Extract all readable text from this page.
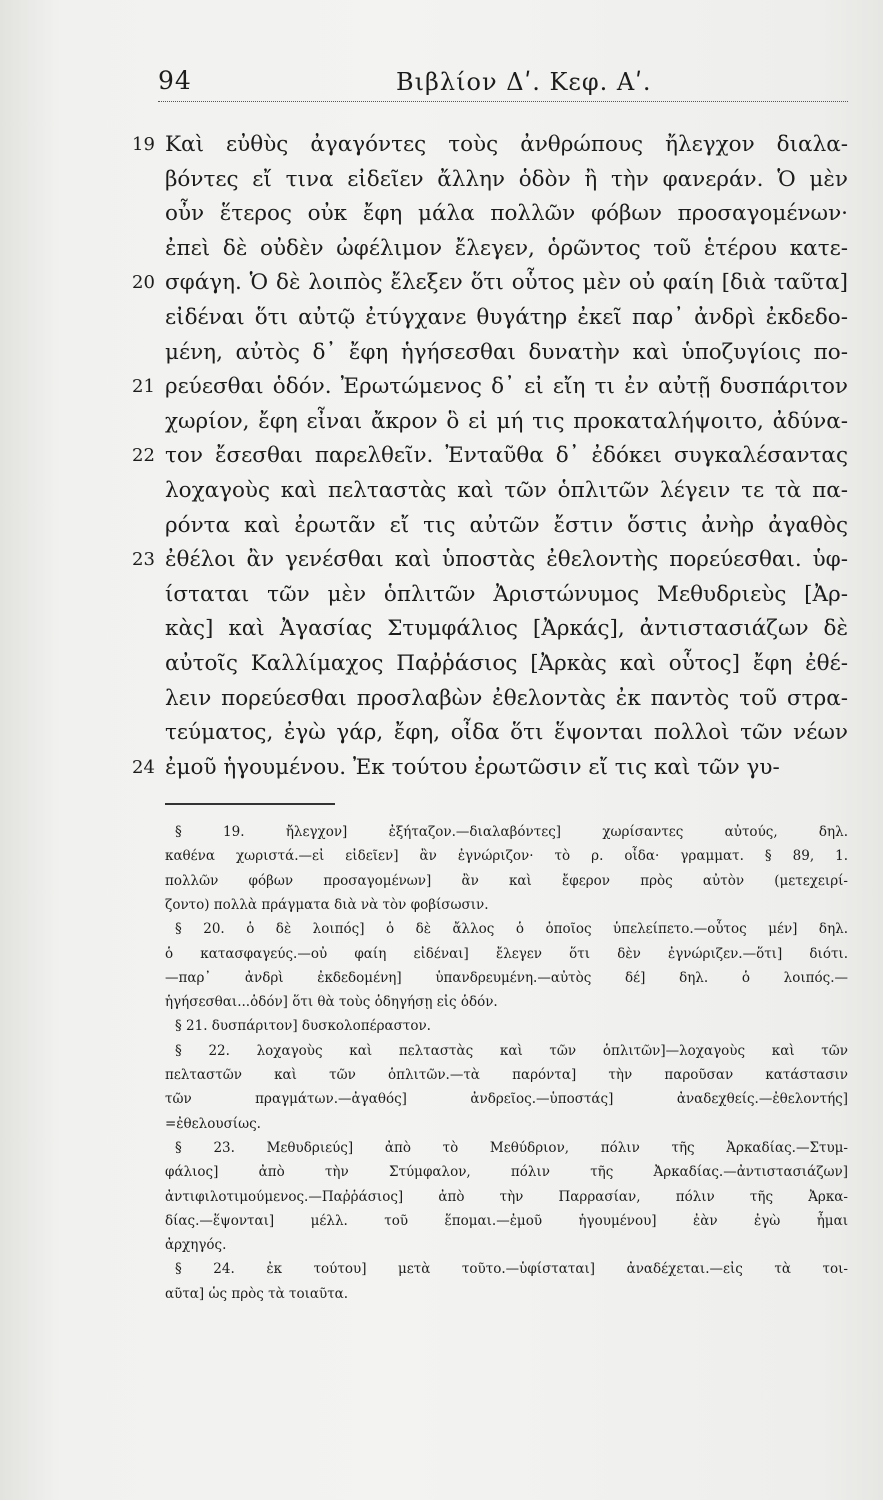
94	Βιβλίον Δʹ. Κεφ. Αʹ.
19 Καὶ εὐθὺς ἀγαγόντες τοὺς ἀνθρώπους ἤλεγχον διαλα-
βόντες εἴ τινα εἰδεῖεν ἄλλην ὁδὸν ἢ τὴν φανεράν. Ὁ μὲν
οὖν ἕτερος οὐκ ἔφη μάλα πολλῶν φόβων προσαγομένων·
ἐπεὶ δὲ οὐδὲν ὠφέλιμον ἔλεγεν, ὁρῶντος τοῦ ἑτέρου κατε-
20 σφάγη. Ὁ δὲ λοιπὸς ἔλεξεν ὅτι οὗτος μὲν οὐ φαίη [διὰ ταῦτα]
εἰδέναι ὅτι αὐτῷ ἐτύγχανε θυγάτηρ ἐκεῖ παρ᾽ ἀνδρὶ ἐκδεδο-
μένη, αὐτὸς δ᾽ ἔφη ἡγήσεσθαι δυνατὴν καὶ ὑποζυγίοις πο-
21 ρεύεσθαι ὁδόν. Ἐρωτώμενος δ᾽ εἰ εἴη τι ἐν αὐτῇ δυσπάριτον
χωρίον, ἔφη εἶναι ἄκρον ὃ εἰ μή τις προκαταλήψοιτο, ἀδύνα-
22 τον ἔσεσθαι παρελθεῖν. Ἐνταῦθα δ᾽ ἐδόκει συγκαλέσαντας
λοχαγοὺς καὶ πελταστὰς καὶ τῶν ὁπλιτῶν λέγειν τε τὰ πα-
ρόντα καὶ ἐρωτᾶν εἴ τις αὐτῶν ἔστιν ὅστις ἀνὴρ ἀγαθὸς
23 ἐθέλοι ἂν γενέσθαι καὶ ὑποστὰς ἐθελοντὴς πορεύεσθαι. ὑφ-
ίσταται τῶν μὲν ὁπλιτῶν Ἀριστώνυμος Μεθυδριεὺς [Ἀρ-
κὰς] καὶ Ἀγασίας Στυμφάλιος [Ἀρκάς], ἀντιστασιάζων δὲ
αὐτοῖς Καλλίμαχος Παῤῥάσιος [Ἀρκὰς καὶ οὗτος] ἔφη ἐθέ-
λειν πορεύεσθαι προσλαβὼν ἐθελοντὰς ἐκ παντὸς τοῦ στρα-
τεύματος, ἐγὼ γάρ, ἔφη, οἶδα ὅτι ἕψονται πολλοὶ τῶν νέων
24 ἐμοῦ ἡγουμένου. Ἐκ τούτου ἐρωτῶσιν εἴ τις καὶ τῶν γυ-
§ 19. ἤλεγχον] ἐξήταζον.—διαλαβόντες] χωρίσαντες αὐτούς, δηλ.
καθένα χωριστά.—εἰ εἰδεῖεν] ἂν ἐγνώριζον· τὸ ρ. οἶδα· γραμματ. § 89, 1.
πολλῶν φόβων προσαγομένων] ἂν καὶ ἔφερον πρὸς αὐτὸν (μετεχειρί-
ζοντο) πολλὰ πράγματα διὰ νὰ τὸν φοβίσωσιν.
§ 20. ὁ δὲ λοιπός] ὁ δὲ ἄλλος ὁ ὁποῖος ὑπελείπετο.—οὗτος μέν] δηλ.
ὁ κατασφαγεύς.—οὐ φαίη εἰδέναι] ἔλεγεν ὅτι δὲν ἐγνώριζεν.—ὅτι] διότι.
—παρ᾽ ἀνδρὶ ἐκδεδομένη] ὑπανδρευμένη.—αὐτὸς δέ] δηλ. ὁ λοιπός.—
ἡγήσεσθαι...ὁδόν] ὅτι θὰ τοὺς ὁδηγήσῃ εἰς ὁδόν.
§ 21. δυσπάριτον] δυσκολοπέραστον.
§ 22. λοχαγοὺς καὶ πελταστὰς καὶ τῶν ὁπλιτῶν]—λοχαγοὺς καὶ τῶν
πελταστῶν καὶ τῶν ὁπλιτῶν.—τὰ παρόντα] τὴν παροῦσαν κατάστασιν
τῶν πραγμάτων.—ἀγαθός] ἀνδρεῖος.—ὑποστάς] ἀναδεχθείς.—ἐθελοντής]
=ἐθελουσίως.
§ 23. Μεθυδριεύς] ἀπὸ τὸ Μεθύδριον, πόλιν τῆς Ἀρκαδίας.—Στυμ-
φάλιος] ἀπὸ τὴν Στύμφαλον, πόλιν τῆς Ἀρκαδίας.—ἀντιστασιάζων]
ἀντιφιλοτιμούμενος.—Παῤῥάσιος] ἀπὸ τὴν Παρρασίαν, πόλιν τῆς Ἀρκα-
δίας.—ἕψονται] μέλλ. τοῦ ἕπομαι.—ἐμοῦ ἡγουμένου] ἐὰν ἐγὼ ἦμαι
ἀρχηγός.
§ 24. ἐκ τούτου] μετὰ τοῦτο.—ὑφίσταται] ἀναδέχεται.—εἰς τὰ τοι-
αῦτα] ὡς πρὸς τὰ τοιαῦτα.
